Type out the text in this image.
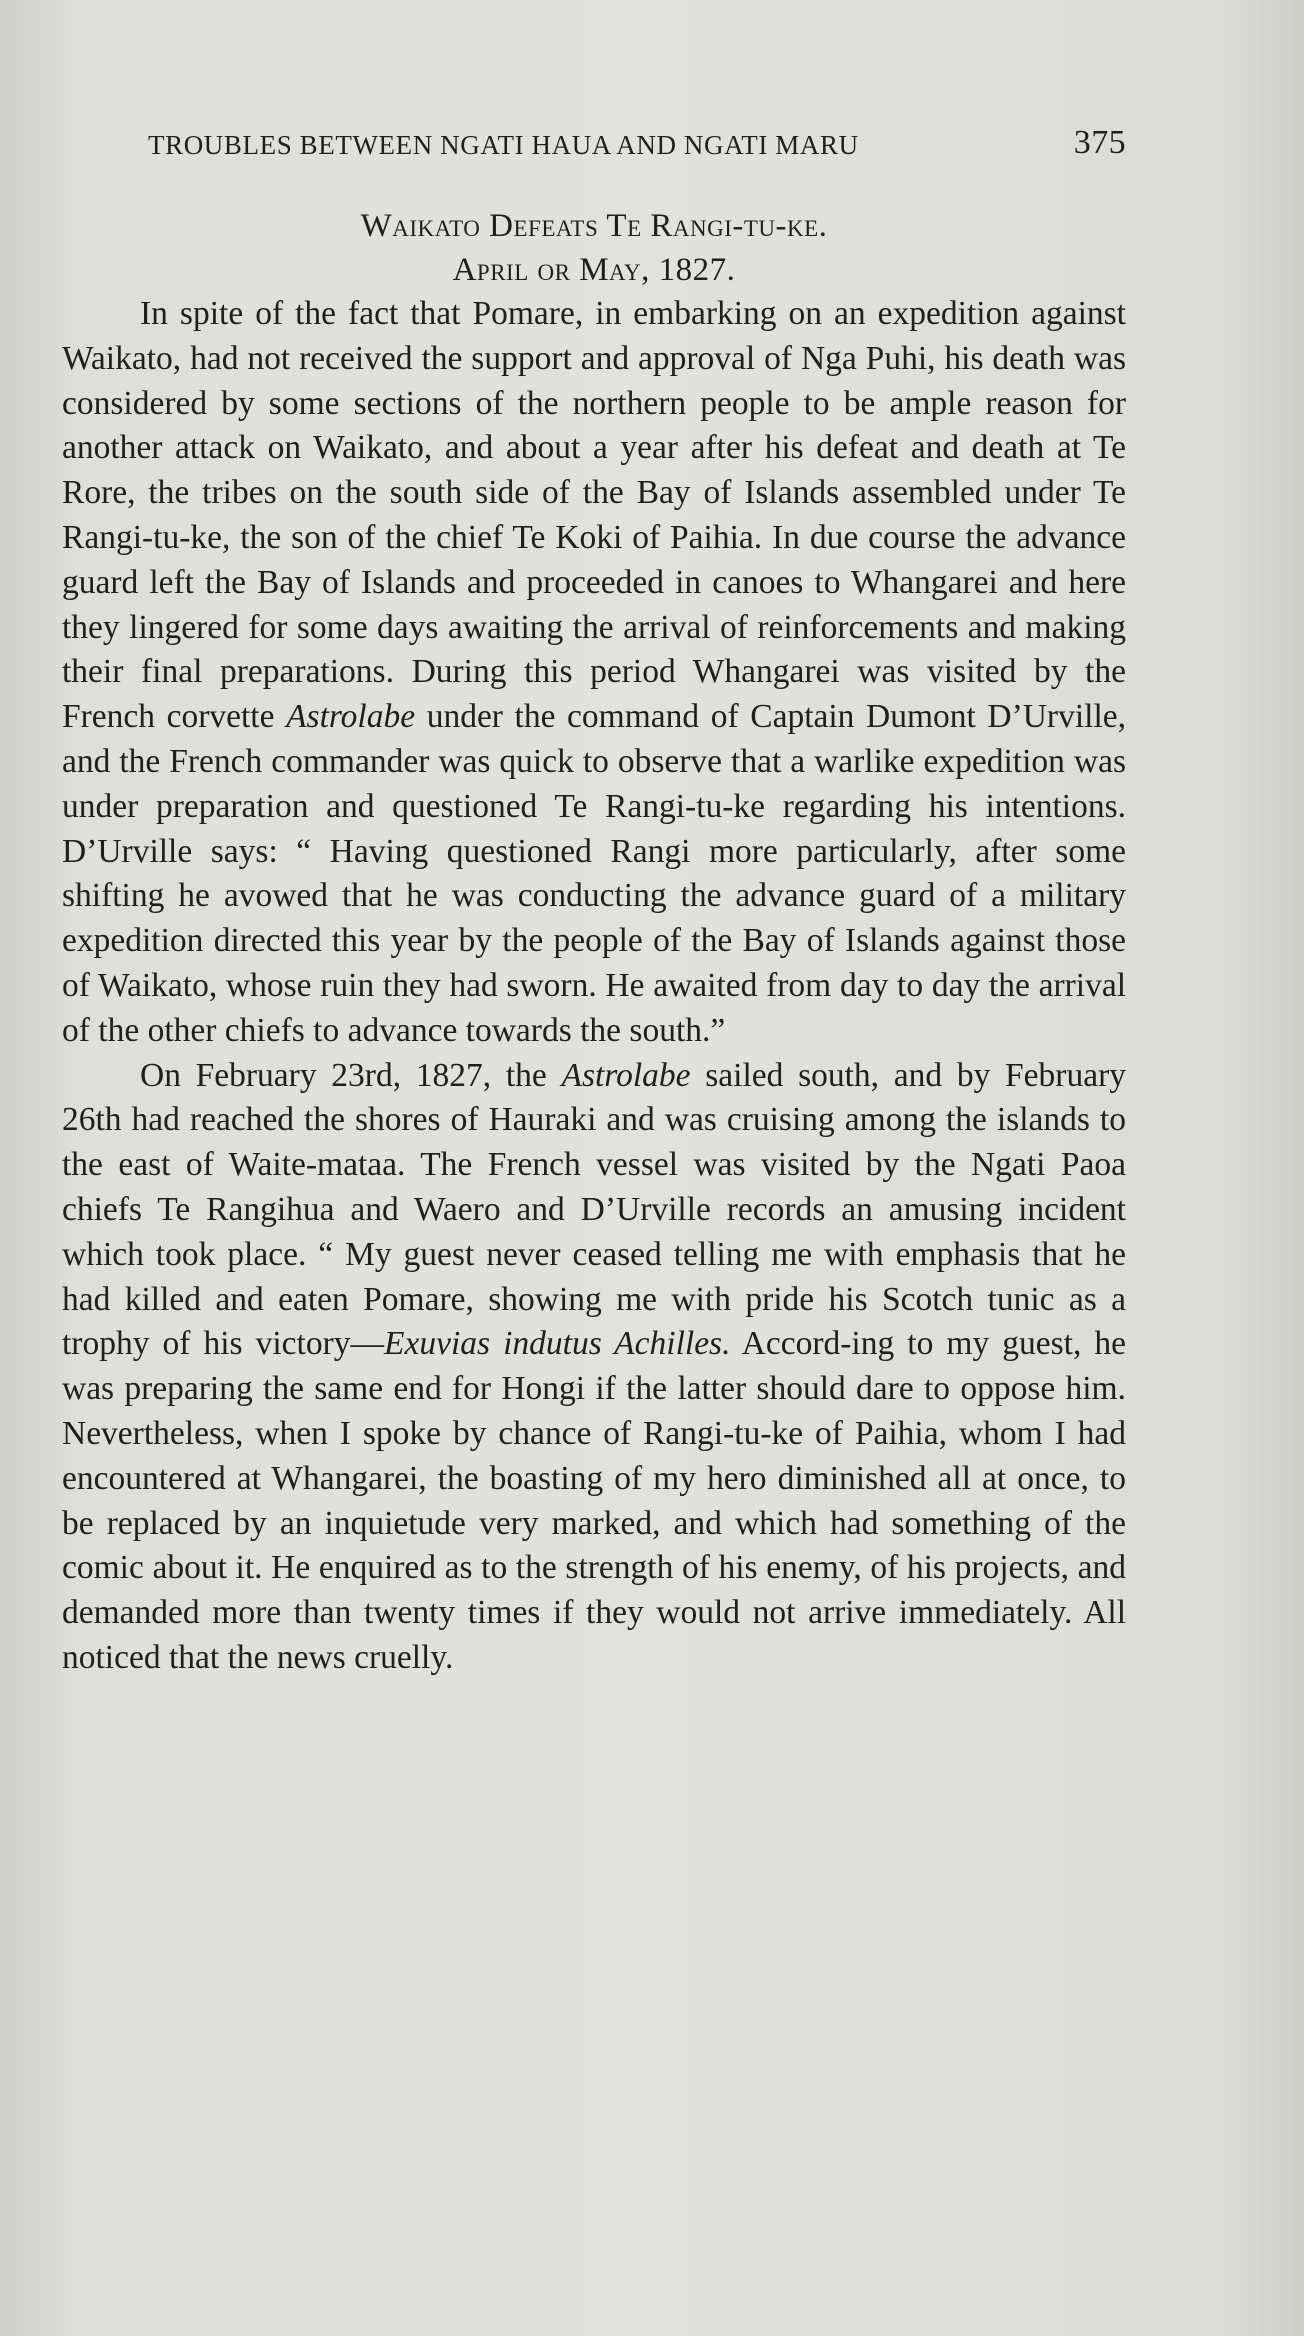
TROUBLES BETWEEN NGATI HAUA AND NGATI MARU	375
Waikato Defeats Te Rangi-tu-ke.
April or May, 1827.

In spite of the fact that Pomare, in embarking on an expedition against Waikato, had not received the support and approval of Nga Puhi, his death was considered by some sections of the northern people to be ample reason for another attack on Waikato, and about a year after his defeat and death at Te Rore, the tribes on the south side of the Bay of Islands assembled under Te Rangi-tu-ke, the son of the chief Te Koki of Paihia. In due course the advance guard left the Bay of Islands and proceeded in canoes to Whangarei and here they lingered for some days awaiting the arrival of reinforcements and making their final preparations. During this period Whangarei was visited by the French corvette Astrolabe under the command of Captain Dumont D’Urville, and the French commander was quick to observe that a warlike expedition was under preparation and questioned Te Rangi-tu-ke regarding his intentions. D’Urville says: “ Having questioned Rangi more particularly, after some shifting he avowed that he was conducting the advance guard of a military expedition directed this year by the people of the Bay of Islands against those of Waikato, whose ruin they had sworn. He awaited from day to day the arrival of the other chiefs to advance towards the south.”

On February 23rd, 1827, the Astrolabe sailed south, and by February 26th had reached the shores of Hauraki and was cruising among the islands to the east of Waite-mataa. The French vessel was visited by the Ngati Paoa chiefs Te Rangihua and Waero and D’Urville records an amusing incident which took place. “ My guest never ceased telling me with emphasis that he had killed and eaten Pomare, showing me with pride his Scotch tunic as a trophy of his victory—Exuvias indutus Achilles. Accord-ing to my guest, he was preparing the same end for Hongi if the latter should dare to oppose him. Nevertheless, when I spoke by chance of Rangi-tu-ke of Paihia, whom I had encountered at Whangarei, the boasting of my hero diminished all at once, to be replaced by an inquietude very marked, and which had something of the comic about it. He enquired as to the strength of his enemy, of his projects, and demanded more than twenty times if they would not arrive immediately. All noticed that the news cruelly.
